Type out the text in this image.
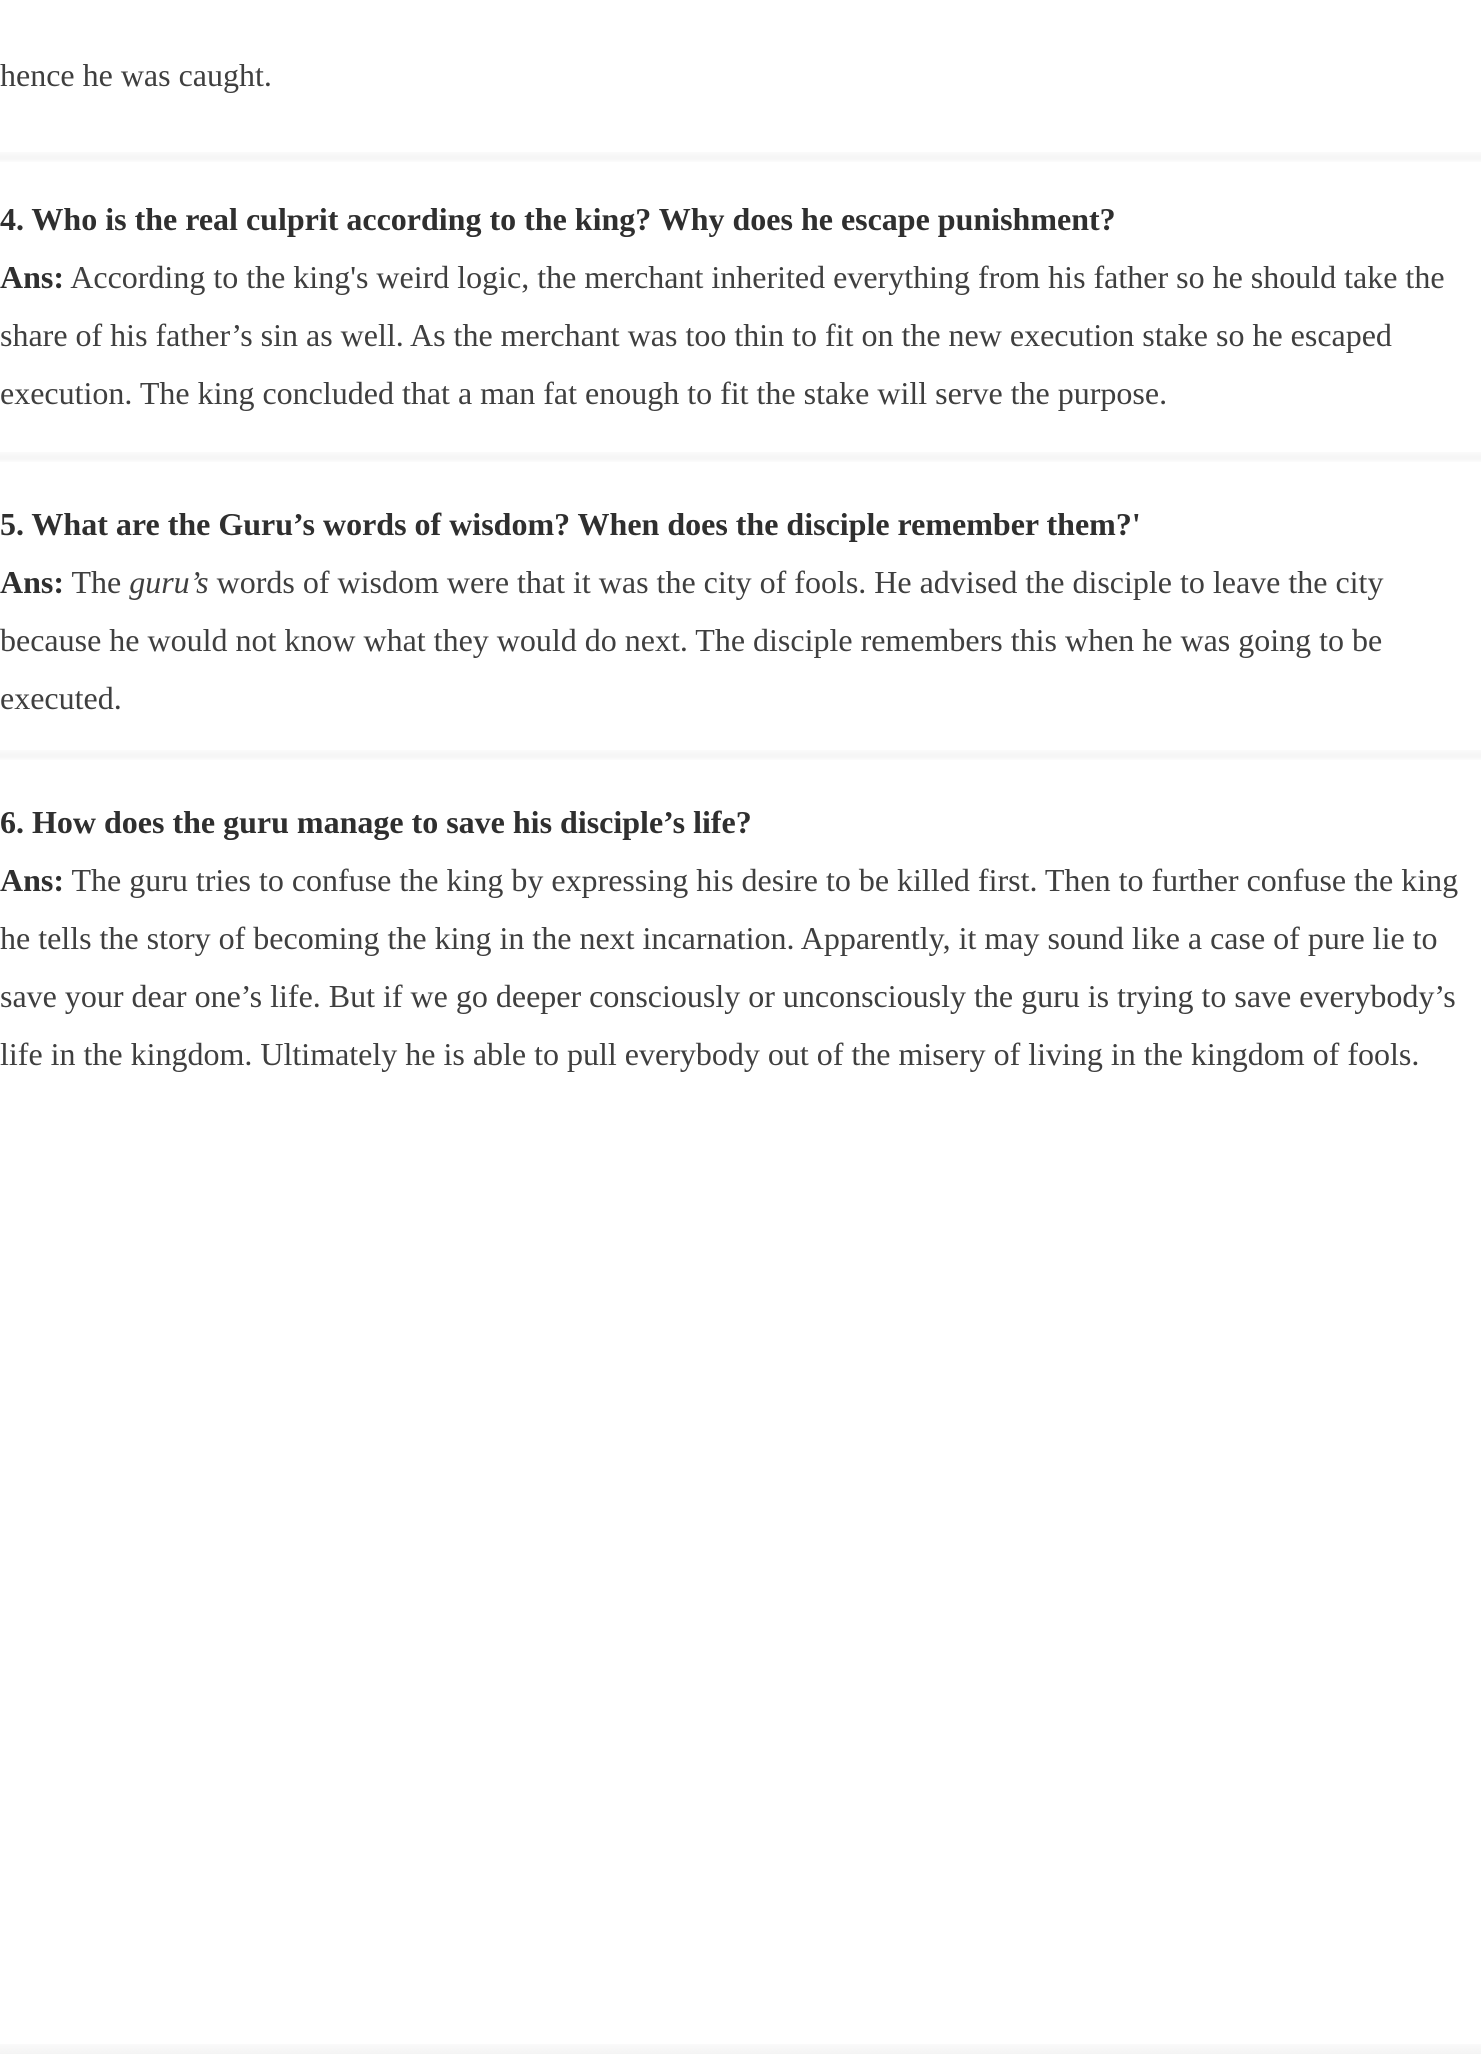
hence he was caught.

4. Who is the real culprit according to the king? Why does he escape punishment?

Ans: According to the king's weird logic, the merchant inherited everything from his father so he should take the share of his father’s sin as well. As the merchant was too thin to fit on the new execution stake so he escaped execution. The king concluded that a man fat enough to fit the stake will serve the purpose.

5. What are the Guru’s words of wisdom? When does the disciple remember them?'

Ans: The guru’s words of wisdom were that it was the city of fools. He advised the disciple to leave the city because he would not know what they would do next. The disciple remembers this when he was going to be executed.

6. How does the guru manage to save his disciple’s life?

Ans: The guru tries to confuse the king by expressing his desire to be killed first. Then to further confuse the king he tells the story of becoming the king in the next incarnation. Apparently, it may sound like a case of pure lie to save your dear one’s life. But if we go deeper consciously or unconsciously the guru is trying to save everybody’s life in the kingdom. Ultimately he is able to pull everybody out of the misery of living in the kingdom of fools.
